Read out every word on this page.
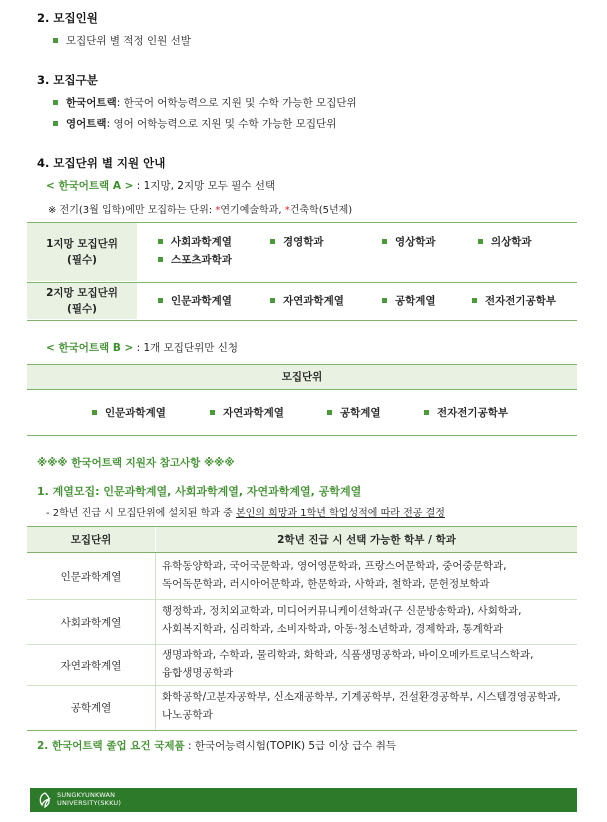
2. 모집인원
모집단위 별 적정 인원 선발
3. 모집구분
한국어트랙 : 한국어 어학능력으로 지원 및 수학 가능한 모집단위
영어트랙 : 영어 어학능력으로 지원 및 수학 가능한 모집단위
4. 모집단위 별 지원 안내
< 한국어트랙 A > : 1지망, 2지망 모두 필수 선택
※ 전기(3월 입학)에만 모집하는 단위: *연기예술학과, *건축학(5년제)
1지망 모집단위
(필수)
사회과학계열	경영학과	영상학과	의상학과
스포츠과학과
2지망 모집단위
(필수)
인문과학계열	자연과학계열	공학계열	전자전기공학부
< 한국어트랙 B > : 1개 모집단위만 신청
모집단위
인문과학계열	자연과학계열	공학계열	전자전기공학부
※※※ 한국어트랙 지원자 참고사항 ※※※
1. 계열모집: 인문과학계열, 사회과학계열, 자연과학계열, 공학계열
- 2학년 진급 시 모집단위에 설치된 학과 중 본인의 희망과 1학년 학업성적에 따라 전공 결정
모집단위	2학년 진급 시 선택 가능한 학부 / 학과
인문과학계열
유학동양학과, 국어국문학과, 영어영문학과, 프랑스어문학과, 중어중문학과,
독어독문학과, 러시아어문학과, 한문학과, 사학과, 철학과, 문헌정보학과
사회과학계열
행정학과, 정치외교학과, 미디어커뮤니케이션학과(구 신문방송학과), 사회학과,
사회복지학과, 심리학과, 소비자학과, 아동·청소년학과, 경제학과, 통계학과
자연과학계열
생명과학과, 수학과, 물리학과, 화학과, 식품생명공학과, 바이오메카트로닉스학과,
융합생명공학과
공학계열
화학공학/고분자공학부, 신소재공학부, 기계공학부, 건설환경공학부, 시스템경영공학과,
나노공학과
2. 한국어트랙 졸업 요건 국제품 : 한국어능력시험(TOPIK) 5급 이상 급수 취득
SUNGKYUNKWAN
UNIVERSITY(SKKU)
